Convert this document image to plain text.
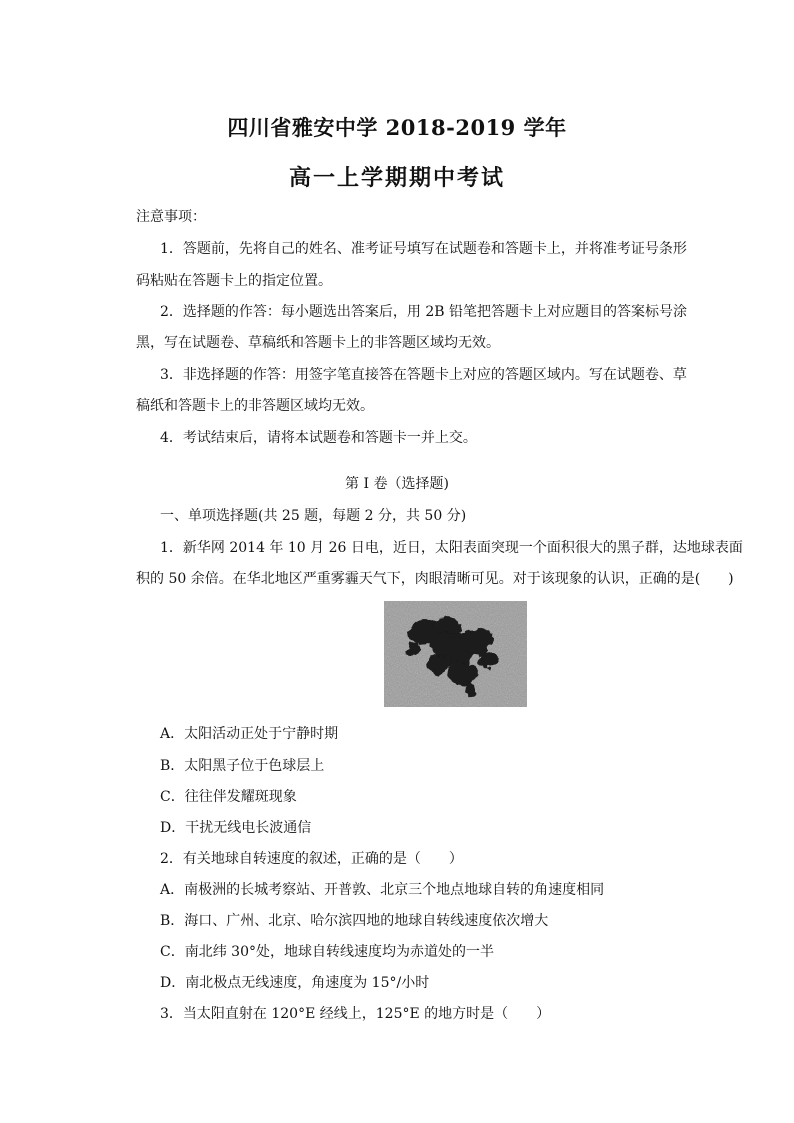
四川省雅安中学 2018-2019 学年
高一上学期期中考试
注意事项：
1．答题前，先将自己的姓名、准考证号填写在试题卷和答题卡上，并将准考证号条形
码粘贴在答题卡上的指定位置。
2．选择题的作答：每小题选出答案后，用 2B 铅笔把答题卡上对应题目的答案标号涂
黑，写在试题卷、草稿纸和答题卡上的非答题区域均无效。
3．非选择题的作答：用签字笔直接答在答题卡上对应的答题区域内。写在试题卷、草
稿纸和答题卡上的非答题区域均无效。
4．考试结束后，请将本试题卷和答题卡一并上交。
第 I 卷（选择题)
一、单项选择题(共 25 题，每题 2 分，共 50 分)
1．新华网 2014 年 10 月 26 日电，近日，太阳表面突现一个面积很大的黑子群，达地球表面
积的 50 余倍。在华北地区严重雾霾天气下，肉眼清晰可见。对于该现象的认识，正确的是(　　)
A．太阳活动正处于宁静时期
B．太阳黑子位于色球层上
C．往往伴发耀斑现象
D．干扰无线电长波通信
2．有关地球自转速度的叙述，正确的是（　　）
A．南极洲的长城考察站、开普敦、北京三个地点地球自转的角速度相同
B．海口、广州、北京、哈尔滨四地的地球自转线速度依次增大
C．南北纬 30°处，地球自转线速度均为赤道处的一半
D．南北极点无线速度，角速度为 15°/小时
3．当太阳直射在 120°E 经线上，125°E 的地方时是（　　）
